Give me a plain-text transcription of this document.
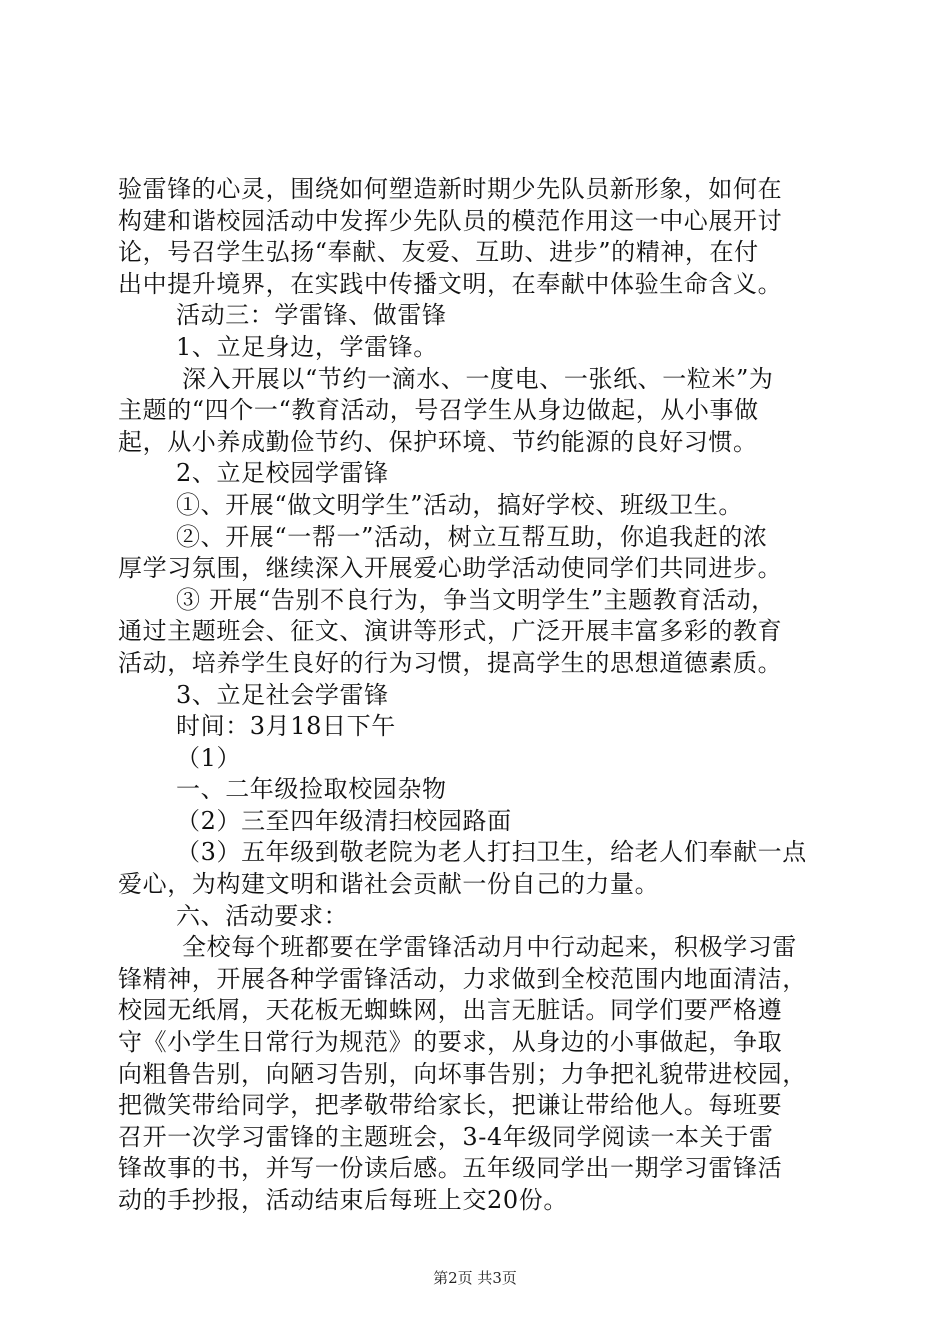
验雷锋的心灵，围绕如何塑造新时期少先队员新形象，如何在
构建和谐校园活动中发挥少先队员的模范作用这一中心展开讨
论，号召学生弘扬“奉献、友爱、互助、进步”的精神，在付
出中提升境界，在实践中传播文明，在奉献中体验生命含义。
活动三：学雷锋、做雷锋
1、立足身边，学雷锋。
深入开展以“节约一滴水、一度电、一张纸、一粒米”为
主题的“四个一“教育活动，号召学生从身边做起，从小事做
起，从小养成勤俭节约、保护环境、节约能源的良好习惯。
2、立足校园学雷锋
①、开展“做文明学生”活动，搞好学校、班级卫生。
②、开展“一帮一”活动，树立互帮互助，你追我赶的浓
厚学习氛围，继续深入开展爱心助学活动使同学们共同进步。
③ 开展“告别不良行为，争当文明学生”主题教育活动，
通过主题班会、征文、演讲等形式，广泛开展丰富多彩的教育
活动，培养学生良好的行为习惯，提高学生的思想道德素质。
3、立足社会学雷锋
时间：3月18日下午
（1）
一、二年级捡取校园杂物
（2）三至四年级清扫校园路面
（3）五年级到敬老院为老人打扫卫生，给老人们奉献一点
爱心，为构建文明和谐社会贡献一份自己的力量。
六、活动要求：
全校每个班都要在学雷锋活动月中行动起来，积极学习雷
锋精神，开展各种学雷锋活动，力求做到全校范围内地面清洁，
校园无纸屑，天花板无蜘蛛网，出言无脏话。同学们要严格遵
守《小学生日常行为规范》的要求，从身边的小事做起，争取
向粗鲁告别，向陋习告别，向坏事告别；力争把礼貌带进校园，
把微笑带给同学，把孝敬带给家长，把谦让带给他人。每班要
召开一次学习雷锋的主题班会，3-4年级同学阅读一本关于雷
锋故事的书，并写一份读后感。五年级同学出一期学习雷锋活
动的手抄报，活动结束后每班上交20份。
第2页 共3页
